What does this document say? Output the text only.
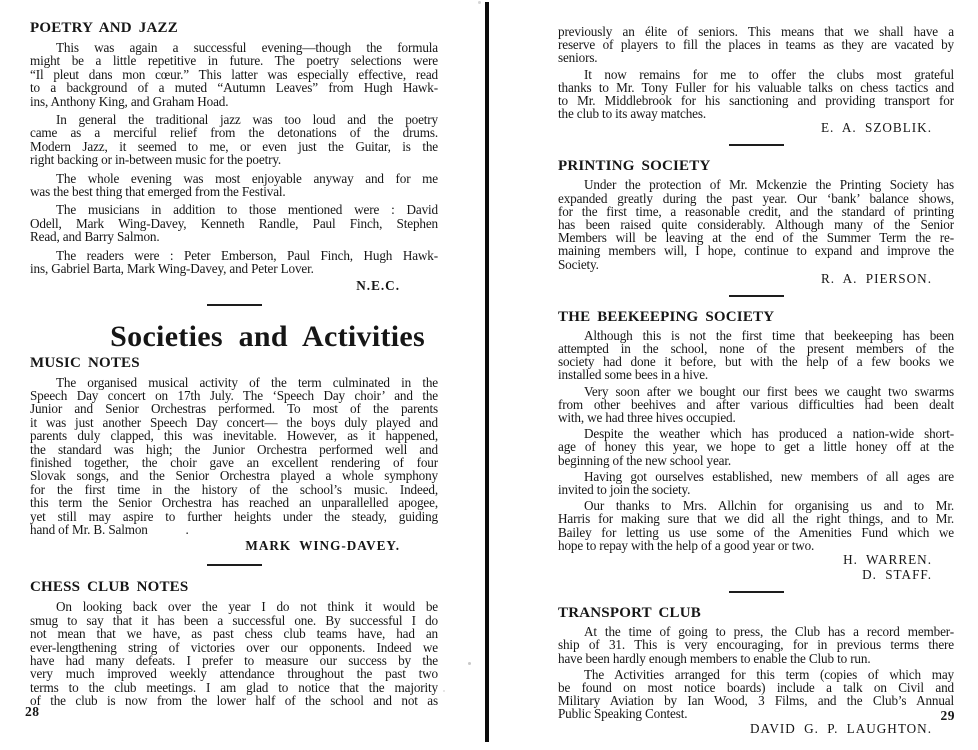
POETRY AND JAZZ
This was again a successful evening—though the formula
might be a little repetitive in future. The poetry selections were
“Il pleut dans mon cœur.” This latter was especially effective, read
to a background of a muted “Autumn Leaves” from Hugh Hawk-
ins, Anthony King, and Graham Hoad.
In general the traditional jazz was too loud and the poetry
came as a merciful relief from the detonations of the drums.
Modern Jazz, it seemed to me, or even just the Guitar, is the
right backing or in-between music for the poetry.
The whole evening was most enjoyable anyway and for me
was the best thing that emerged from the Festival.
The musicians in addition to those mentioned were : David
Odell, Mark Wing-Davey, Kenneth Randle, Paul Finch, Stephen
Read, and Barry Salmon.
The readers were : Peter Emberson, Paul Finch, Hugh Hawk-
ins, Gabriel Barta, Mark Wing-Davey, and Peter Lover.
N.E.C.
Societies and Activities
MUSIC NOTES
The organised musical activity of the term culminated in the
Speech Day concert on 17th July. The ‘Speech Day choir’ and the
Junior and Senior Orchestras performed. To most of the parents
it was just another Speech Day concert— the boys duly played and
parents duly clapped, this was inevitable. However, as it happened,
the standard was high; the Junior Orchestra performed well and
finished together, the choir gave an excellent rendering of four
Slovak songs, and the Senior Orchestra played a whole symphony
for the first time in the history of the school’s music. Indeed,
this term the Senior Orchestra has reached an unparallelled apogee,
yet still may aspire to further heights under the steady, guiding
hand of Mr. B. Salmon            .
MARK WING-DAVEY.
CHESS CLUB NOTES
On looking back over the year I do not think it would be
smug to say that it has been a successful one. By successful I do
not mean that we have, as past chess club teams have, had an
ever-lengthening string of victories over our opponents. Indeed we
have had many defeats. I prefer to measure our success by the
very much improved weekly attendance throughout the past two
terms to the club meetings. I am glad to notice that the majority
of the club is now from the lower half of the school and not as
28
previously an élite of seniors. This means that we shall have a
reserve of players to fill the places in teams as they are vacated by
seniors.
It now remains for me to offer the clubs most grateful
thanks to Mr. Tony Fuller for his valuable talks on chess tactics and
to Mr. Middlebrook for his sanctioning and providing transport for
the club to its away matches.
E. A. SZOBLIK.
PRINTING SOCIETY
Under the protection of Mr. Mckenzie the Printing Society has
expanded greatly during the past year. Our ‘bank’ balance shows,
for the first time, a reasonable credit, and the standard of printing
has been raised quite considerably. Although many of the Senior
Members will be leaving at the end of the Summer Term the re-
maining members will, I hope, continue to expand and improve the
Society.
R. A. PIERSON.
THE BEEKEEPING SOCIETY
Although this is not the first time that beekeeping has been
attempted in the school, none of the present members of the
society had done it before, but with the help of a few books we
installed some bees in a hive.
Very soon after we bought our first bees we caught two swarms
from other beehives and after various difficulties had been dealt
with, we had three hives occupied.
Despite the weather which has produced a nation-wide short-
age of honey this year, we hope to get a little honey off at the
beginning of the new school year.
Having got ourselves established, new members of all ages are
invited to join the society.
Our thanks to Mrs. Allchin for organising us and to Mr.
Harris for making sure that we did all the right things, and to Mr.
Bailey for letting us use some of the Amenities Fund which we
hope to repay with the help of a good year or two.
H. WARREN.
D. STAFF.
TRANSPORT CLUB
At the time of going to press, the Club has a record member-
ship of 31. This is very encouraging, for in previous terms there
have been hardly enough members to enable the Club to run.
The Activities arranged for this term (copies of which may
be found on most notice boards) include a talk on Civil and
Military Aviation by Ian Wood, 3 Films, and the Club’s Annual
Public Speaking Contest.
DAVID G. P. LAUGHTON.
29
